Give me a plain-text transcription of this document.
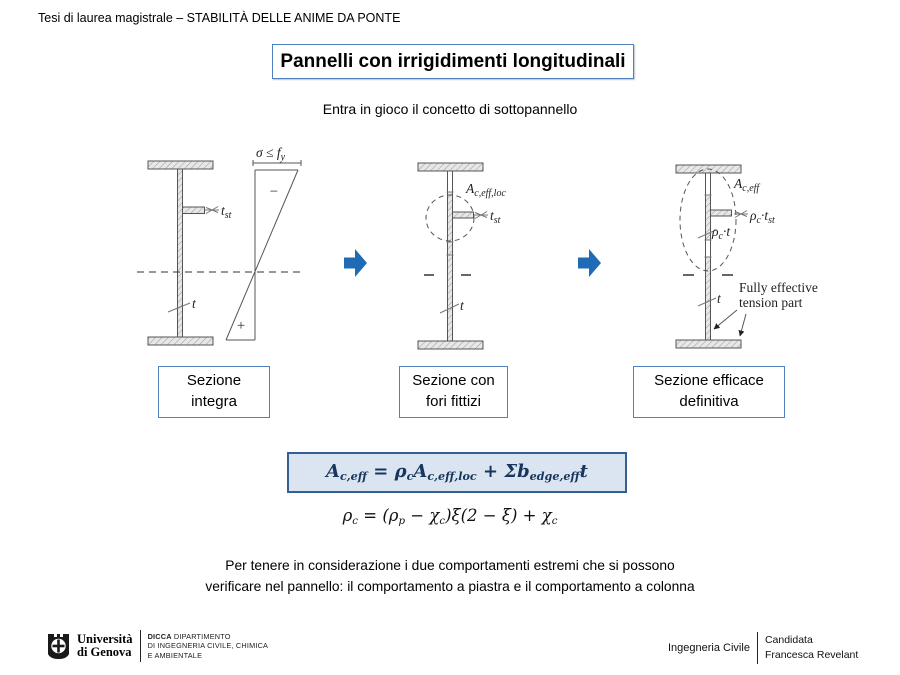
Tesi di laurea magistrale – STABILITÀ DELLE ANIME DA PONTE
Pannelli con irrigidimenti longitudinali
Entra in gioco il concetto di sottopannello
$t_{st}$
t
$\sigma \le f_y$
−
+
$A_{c,eff,loc}$
$t_{st}$
t
$A_{c,eff}$
$\rho_c\cdot t_{st}$
$\rho_c\cdot t$
t
Fully effective
tension part
Sezione
integra
Sezione con
fori fittizi
Sezione efficace
definitiva
Ac,eff = ρcAc,eff,loc + Σbedge,efft
ρc = (ρp − χc)ξ(2 − ξ) + χc
Per tenere in considerazione i due comportamenti estremi che si possono
verificare nel pannello: il comportamento a piastra e il comportamento a colonna
Università
di Genova
DICCA DIPARTIMENTO
DI INGEGNERIA CIVILE, CHIMICA
E AMBIENTALE
Ingegneria Civile
Candidata
Francesca Revelant
